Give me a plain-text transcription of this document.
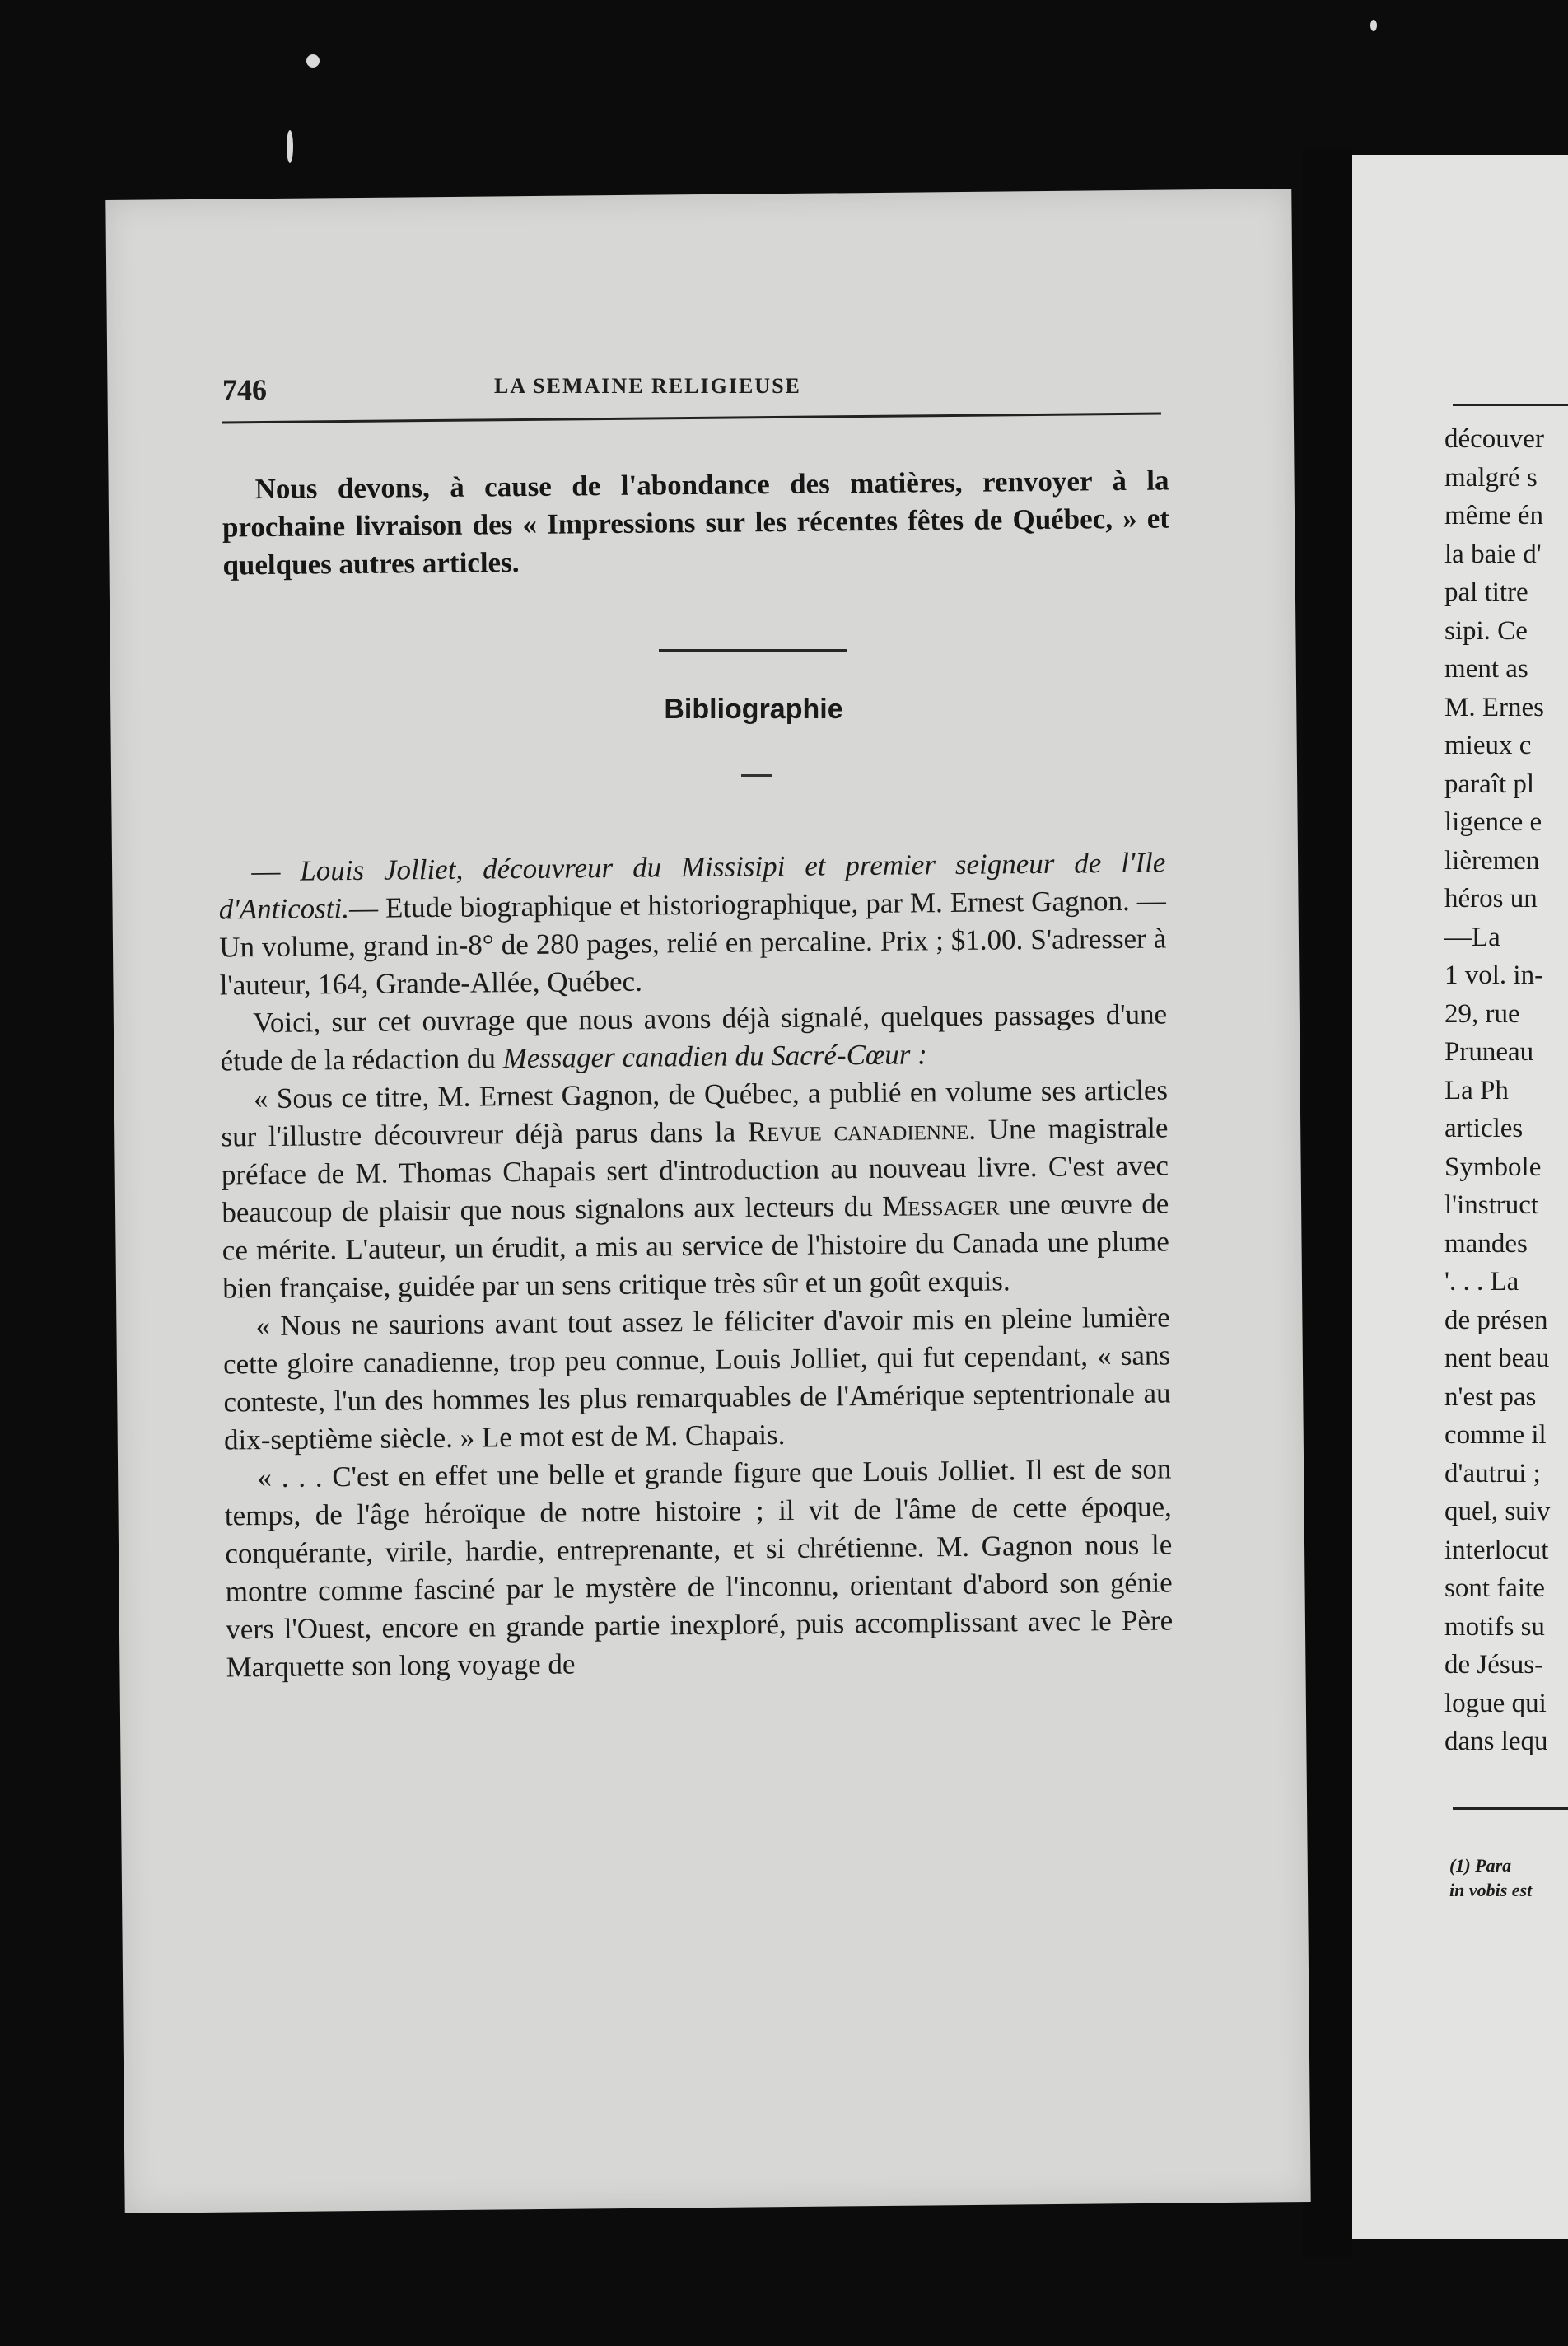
746	LA SEMAINE RELIGIEUSE

Nous devons, à cause de l'abondance des matières, renvoyer à la prochaine livraison des « Impressions sur les récentes fêtes de Québec, » et quelques autres articles.

Bibliographie

— Louis Jolliet, découvreur du Missisipi et premier seigneur de l'Ile d'Anticosti.— Etude biographique et historiographique, par M. Ernest Gagnon. — Un volume, grand in-8° de 280 pages, relié en percaline. Prix ; $1.00. S'adresser à l'auteur, 164, Grande-Allée, Québec.

Voici, sur cet ouvrage que nous avons déjà signalé, quelques passages d'une étude de la rédaction du Messager canadien du Sacré-Cœur :

« Sous ce titre, M. Ernest Gagnon, de Québec, a publié en volume ses articles sur l'illustre découvreur déjà parus dans la Revue canadienne. Une magistrale préface de M. Thomas Chapais sert d'introduction au nouveau livre. C'est avec beaucoup de plaisir que nous signalons aux lecteurs du Messager une œuvre de ce mérite. L'auteur, un érudit, a mis au service de l'histoire du Canada une plume bien française, guidée par un sens critique très sûr et un goût exquis.

« Nous ne saurions avant tout assez le féliciter d'avoir mis en pleine lumière cette gloire canadienne, trop peu connue, Louis Jolliet, qui fut cependant, « sans conteste, l'un des hommes les plus remarquables de l'Amérique septentrionale au dix-septième siècle. » Le mot est de M. Chapais.

« . . . C'est en effet une belle et grande figure que Louis Jolliet. Il est de son temps, de l'âge héroïque de notre histoire ; il vit de l'âme de cette époque, conquérante, virile, hardie, entreprenante, et si chrétienne. M. Gagnon nous le montre comme fasciné par le mystère de l'inconnu, orientant d'abord son génie vers l'Ouest, encore en grande partie inexploré, puis accomplissant avec le Père Marquette son long voyage de

découver
malgré s
même én
la baie d'
pal titre
sipi. Ce
ment as
M. Ernes
mieux c
paraît pl
ligence e
lièremen
héros un
—La
1 vol. in-
29, rue
Pruneau
La Ph
articles
Symbole
l'instruct
mandes
'. . . La
de présen
nent beau
n'est pas
comme il
d'autrui ;
quel, suiv
interlocut
sont faite
motifs su
de Jésus-
logue qui
dans lequ
(1) Para
in vobis est
